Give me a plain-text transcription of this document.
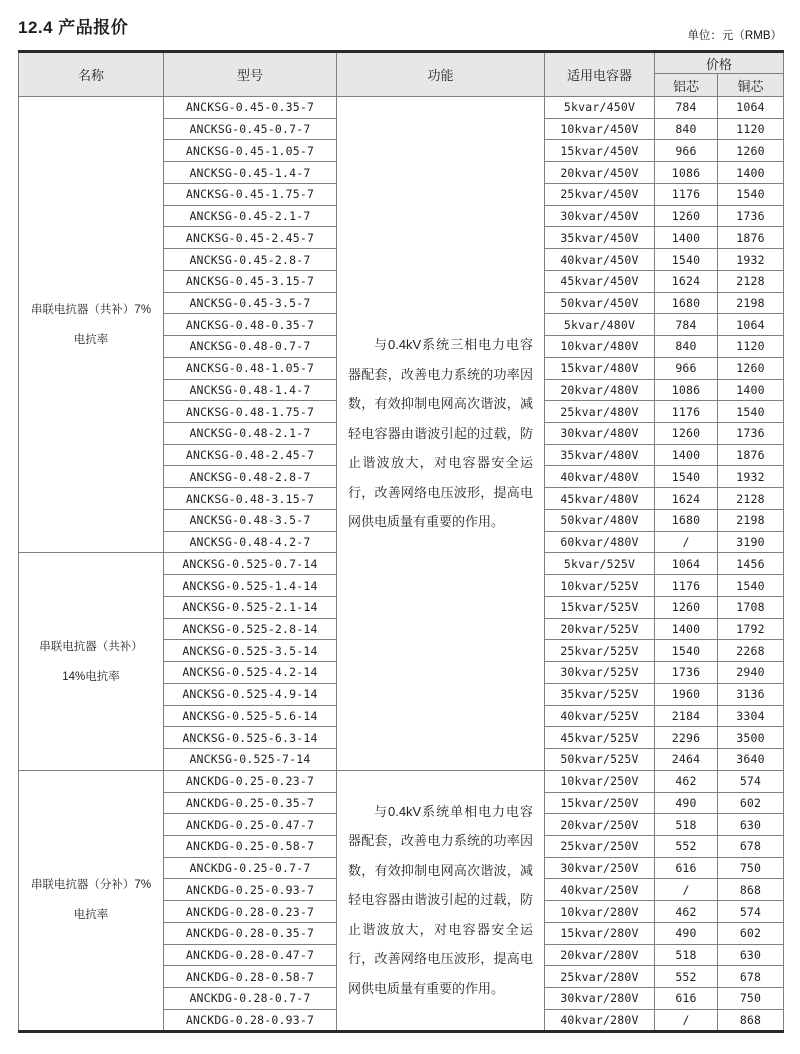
12.4 产品报价	单位：元（RMB）
名称	型号	功能	适用电容器	价格	
				铝芯	铜芯

串联电抗器（共补）7%
电抗率	ANCKSG-0.45-0.35-7	与0.4kV系统三相电力电容器配套，改善电力系统的功率因数，有效抑制电网高次谐波，减轻电容器由谐波引起的过载，防止谐波放大，对电容器安全运行，改善网络电压波形，提高电网供电质量有重要的作用。	5kvar/450V	784	1064
	ANCKSG-0.45-0.7-7		10kvar/450V	840	1120
	ANCKSG-0.45-1.05-7		15kvar/450V	966	1260
	ANCKSG-0.45-1.4-7		20kvar/450V	1086	1400
	ANCKSG-0.45-1.75-7		25kvar/450V	1176	1540
	ANCKSG-0.45-2.1-7		30kvar/450V	1260	1736
	ANCKSG-0.45-2.45-7		35kvar/450V	1400	1876
	ANCKSG-0.45-2.8-7		40kvar/450V	1540	1932
	ANCKSG-0.45-3.15-7		45kvar/450V	1624	2128
	ANCKSG-0.45-3.5-7		50kvar/450V	1680	2198
	ANCKSG-0.48-0.35-7		5kvar/480V	784	1064
	ANCKSG-0.48-0.7-7		10kvar/480V	840	1120
	ANCKSG-0.48-1.05-7		15kvar/480V	966	1260
	ANCKSG-0.48-1.4-7		20kvar/480V	1086	1400
	ANCKSG-0.48-1.75-7		25kvar/480V	1176	1540
	ANCKSG-0.48-2.1-7		30kvar/480V	1260	1736
	ANCKSG-0.48-2.45-7		35kvar/480V	1400	1876
	ANCKSG-0.48-2.8-7		40kvar/480V	1540	1932
	ANCKSG-0.48-3.15-7		45kvar/480V	1624	2128
	ANCKSG-0.48-3.5-7		50kvar/480V	1680	2198
	ANCKSG-0.48-4.2-7		60kvar/480V	/	3190

串联电抗器（共补）
14%电抗率	ANCKSG-0.525-0.7-14		5kvar/525V	1064	1456
	ANCKSG-0.525-1.4-14		10kvar/525V	1176	1540
	ANCKSG-0.525-2.1-14		15kvar/525V	1260	1708
	ANCKSG-0.525-2.8-14		20kvar/525V	1400	1792
	ANCKSG-0.525-3.5-14		25kvar/525V	1540	2268
	ANCKSG-0.525-4.2-14		30kvar/525V	1736	2940
	ANCKSG-0.525-4.9-14		35kvar/525V	1960	3136
	ANCKSG-0.525-5.6-14		40kvar/525V	2184	3304
	ANCKSG-0.525-6.3-14		45kvar/525V	2296	3500
	ANCKSG-0.525-7-14		50kvar/525V	2464	3640

串联电抗器（分补）7%
电抗率	ANCKDG-0.25-0.23-7	与0.4kV系统单相电力电容器配套，改善电力系统的功率因数，有效抑制电网高次谐波，减轻电容器由谐波引起的过载，防止谐波放大，对电容器安全运行，改善网络电压波形，提高电网供电质量有重要的作用。	10kvar/250V	462	574
	ANCKDG-0.25-0.35-7		15kvar/250V	490	602
	ANCKDG-0.25-0.47-7		20kvar/250V	518	630
	ANCKDG-0.25-0.58-7		25kvar/250V	552	678
	ANCKDG-0.25-0.7-7		30kvar/250V	616	750
	ANCKDG-0.25-0.93-7		40kvar/250V	/	868
	ANCKDG-0.28-0.23-7		10kvar/280V	462	574
	ANCKDG-0.28-0.35-7		15kvar/280V	490	602
	ANCKDG-0.28-0.47-7		20kvar/280V	518	630
	ANCKDG-0.28-0.58-7		25kvar/280V	552	678
	ANCKDG-0.28-0.7-7		30kvar/280V	616	750
	ANCKDG-0.28-0.93-7		40kvar/280V	/	868
